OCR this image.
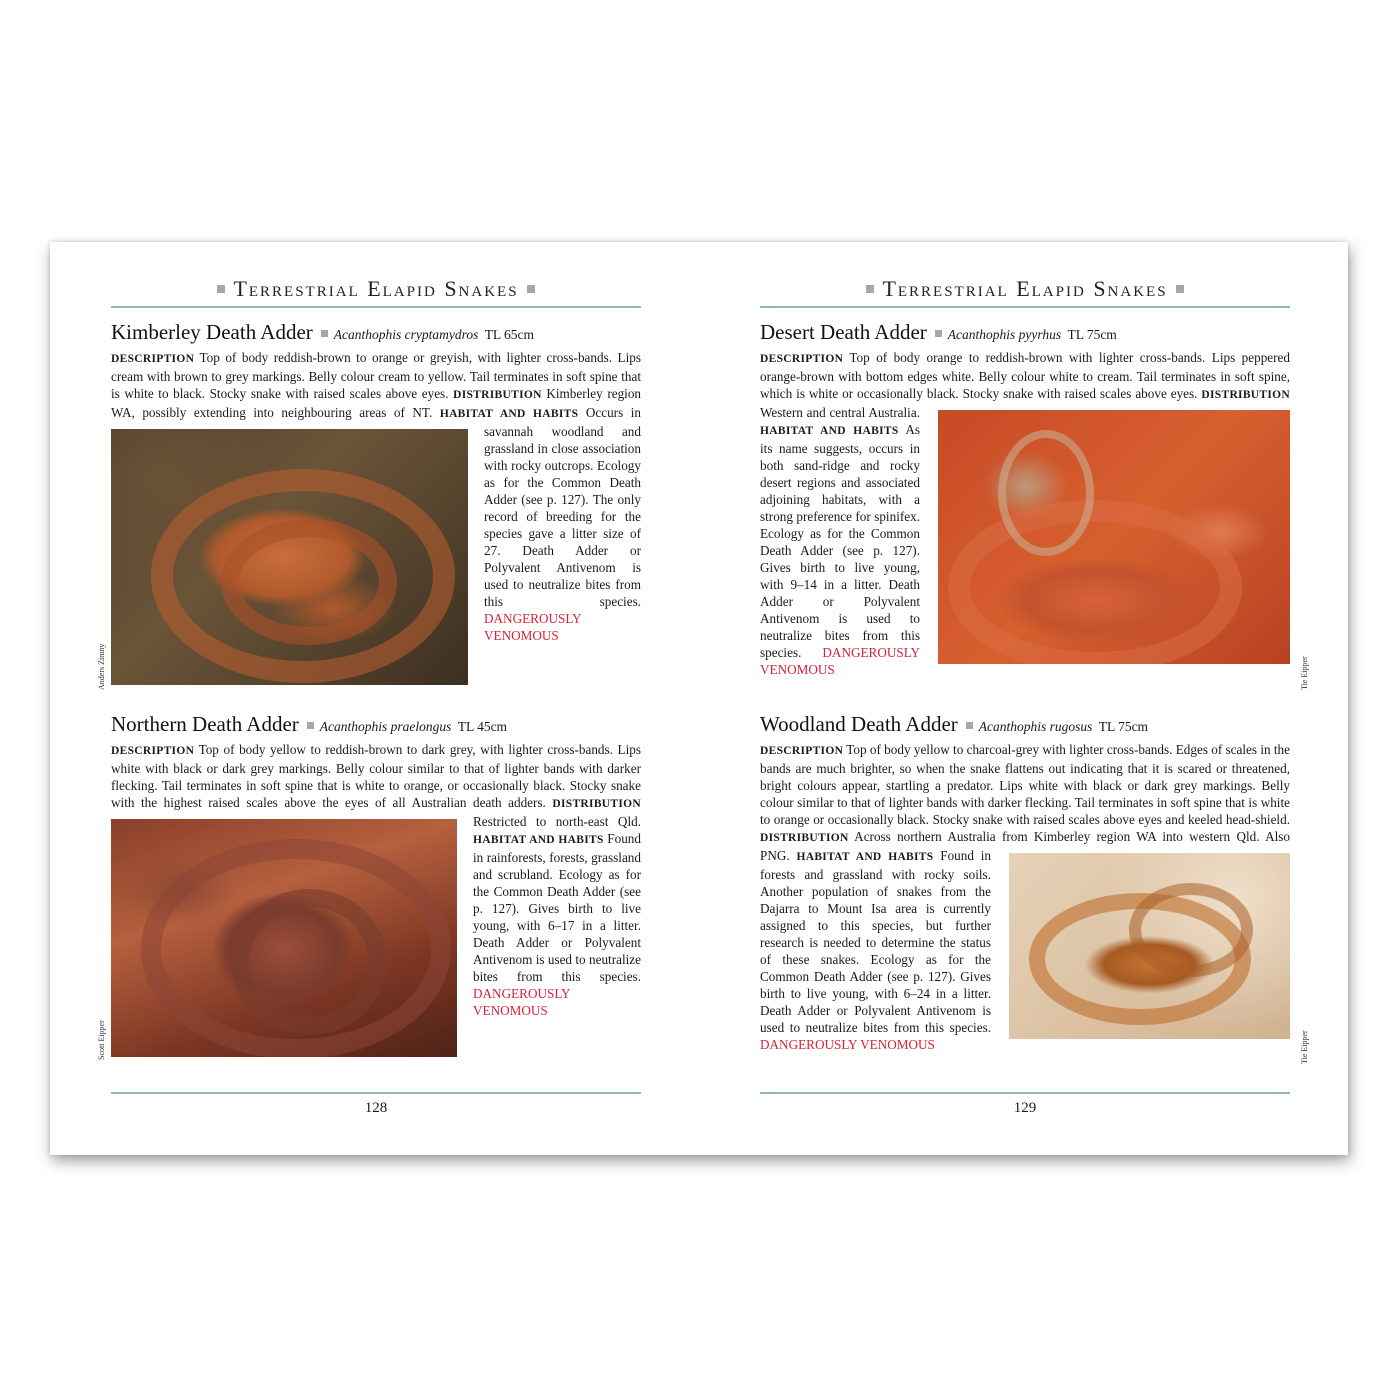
Terrestrial Elapid Snakes
Kimberley Death Adder Acanthophis cryptamydros TL 65cm
DESCRIPTION Top of body reddish-brown to orange or greyish, with lighter cross-bands. Lips cream with brown to grey markings. Belly colour cream to yellow. Tail terminates in soft spine that is white to black. Stocky snake with raised scales above eyes. DISTRIBUTION Kimberley region WA, possibly extending into neighbouring areas of NT. HABITAT AND HABITS Occurs in savannah woodland and grassland in close association with rocky outcrops. Ecology as for the Common Death Adder (see p. 127). The only record of breeding for the species gave a litter size of 27. Death Adder or Polyvalent Antivenom is used to neutralize bites from this species. DANGEROUSLY VENOMOUS
Anders Zimny
Northern Death Adder Acanthophis praelongus TL 45cm
DESCRIPTION Top of body yellow to reddish-brown to dark grey, with lighter cross-bands. Lips white with black or dark grey markings. Belly colour similar to that of lighter bands with darker flecking. Tail terminates in soft spine that is white to orange, or occasionally black. Stocky snake with the highest raised scales above the eyes of all Australian death adders. DISTRIBUTION Restricted to north-east Qld. HABITAT AND HABITS Found in rainforests, forests, grassland and scrubland. Ecology as for the Common Death Adder (see p. 127). Gives birth to live young, with 6–17 in a litter. Death Adder or Polyvalent Antivenom is used to neutralize bites from this species. DANGEROUSLY VENOMOUS
Scott Eipper
128
Terrestrial Elapid Snakes
Desert Death Adder Acanthophis pyyrhus TL 75cm
DESCRIPTION Top of body orange to reddish-brown with lighter cross-bands. Lips peppered orange-brown with bottom edges white. Belly colour white to cream. Tail terminates in soft spine, which is white or occasionally black. Stocky snake with raised scales above eyes. DISTRIBUTION Western and central Australia.
HABITAT AND HABITS As its name suggests, occurs in both sand-ridge and rocky desert regions and associated adjoining habitats, with a strong preference for spinifex. Ecology as for the Common Death Adder (see p. 127). Gives birth to live young, with 9–14 in a litter. Death Adder or Polyvalent Antivenom is used to neutralize bites from this species. DANGEROUSLY VENOMOUS	Tie Eipper
Woodland Death Adder Acanthophis rugosus TL 75cm
DESCRIPTION Top of body yellow to charcoal-grey with lighter cross-bands. Edges of scales in the bands are much brighter, so when the snake flattens out indicating that it is scared or threatened, bright colours appear, startling a predator. Lips white with black or dark grey markings. Belly colour similar to that of lighter bands with darker flecking. Tail terminates in soft spine that is white to orange or occasionally black. Stocky snake with raised scales above eyes and keeled head-shield. DISTRIBUTION Across northern Australia from Kimberley region WA into western Qld. Also PNG. HABITAT AND HABITS Found in forests and grassland with rocky soils. Another population of snakes from the Dajarra to Mount Isa area is currently assigned to this species, but further research is needed to determine the status of these snakes. Ecology as for the Common Death Adder (see p. 127). Gives birth to live young, with 6–24 in a litter. Death Adder or Polyvalent Antivenom is used to neutralize bites from this species. DANGEROUSLY VENOMOUS	Tie Eipper
129
